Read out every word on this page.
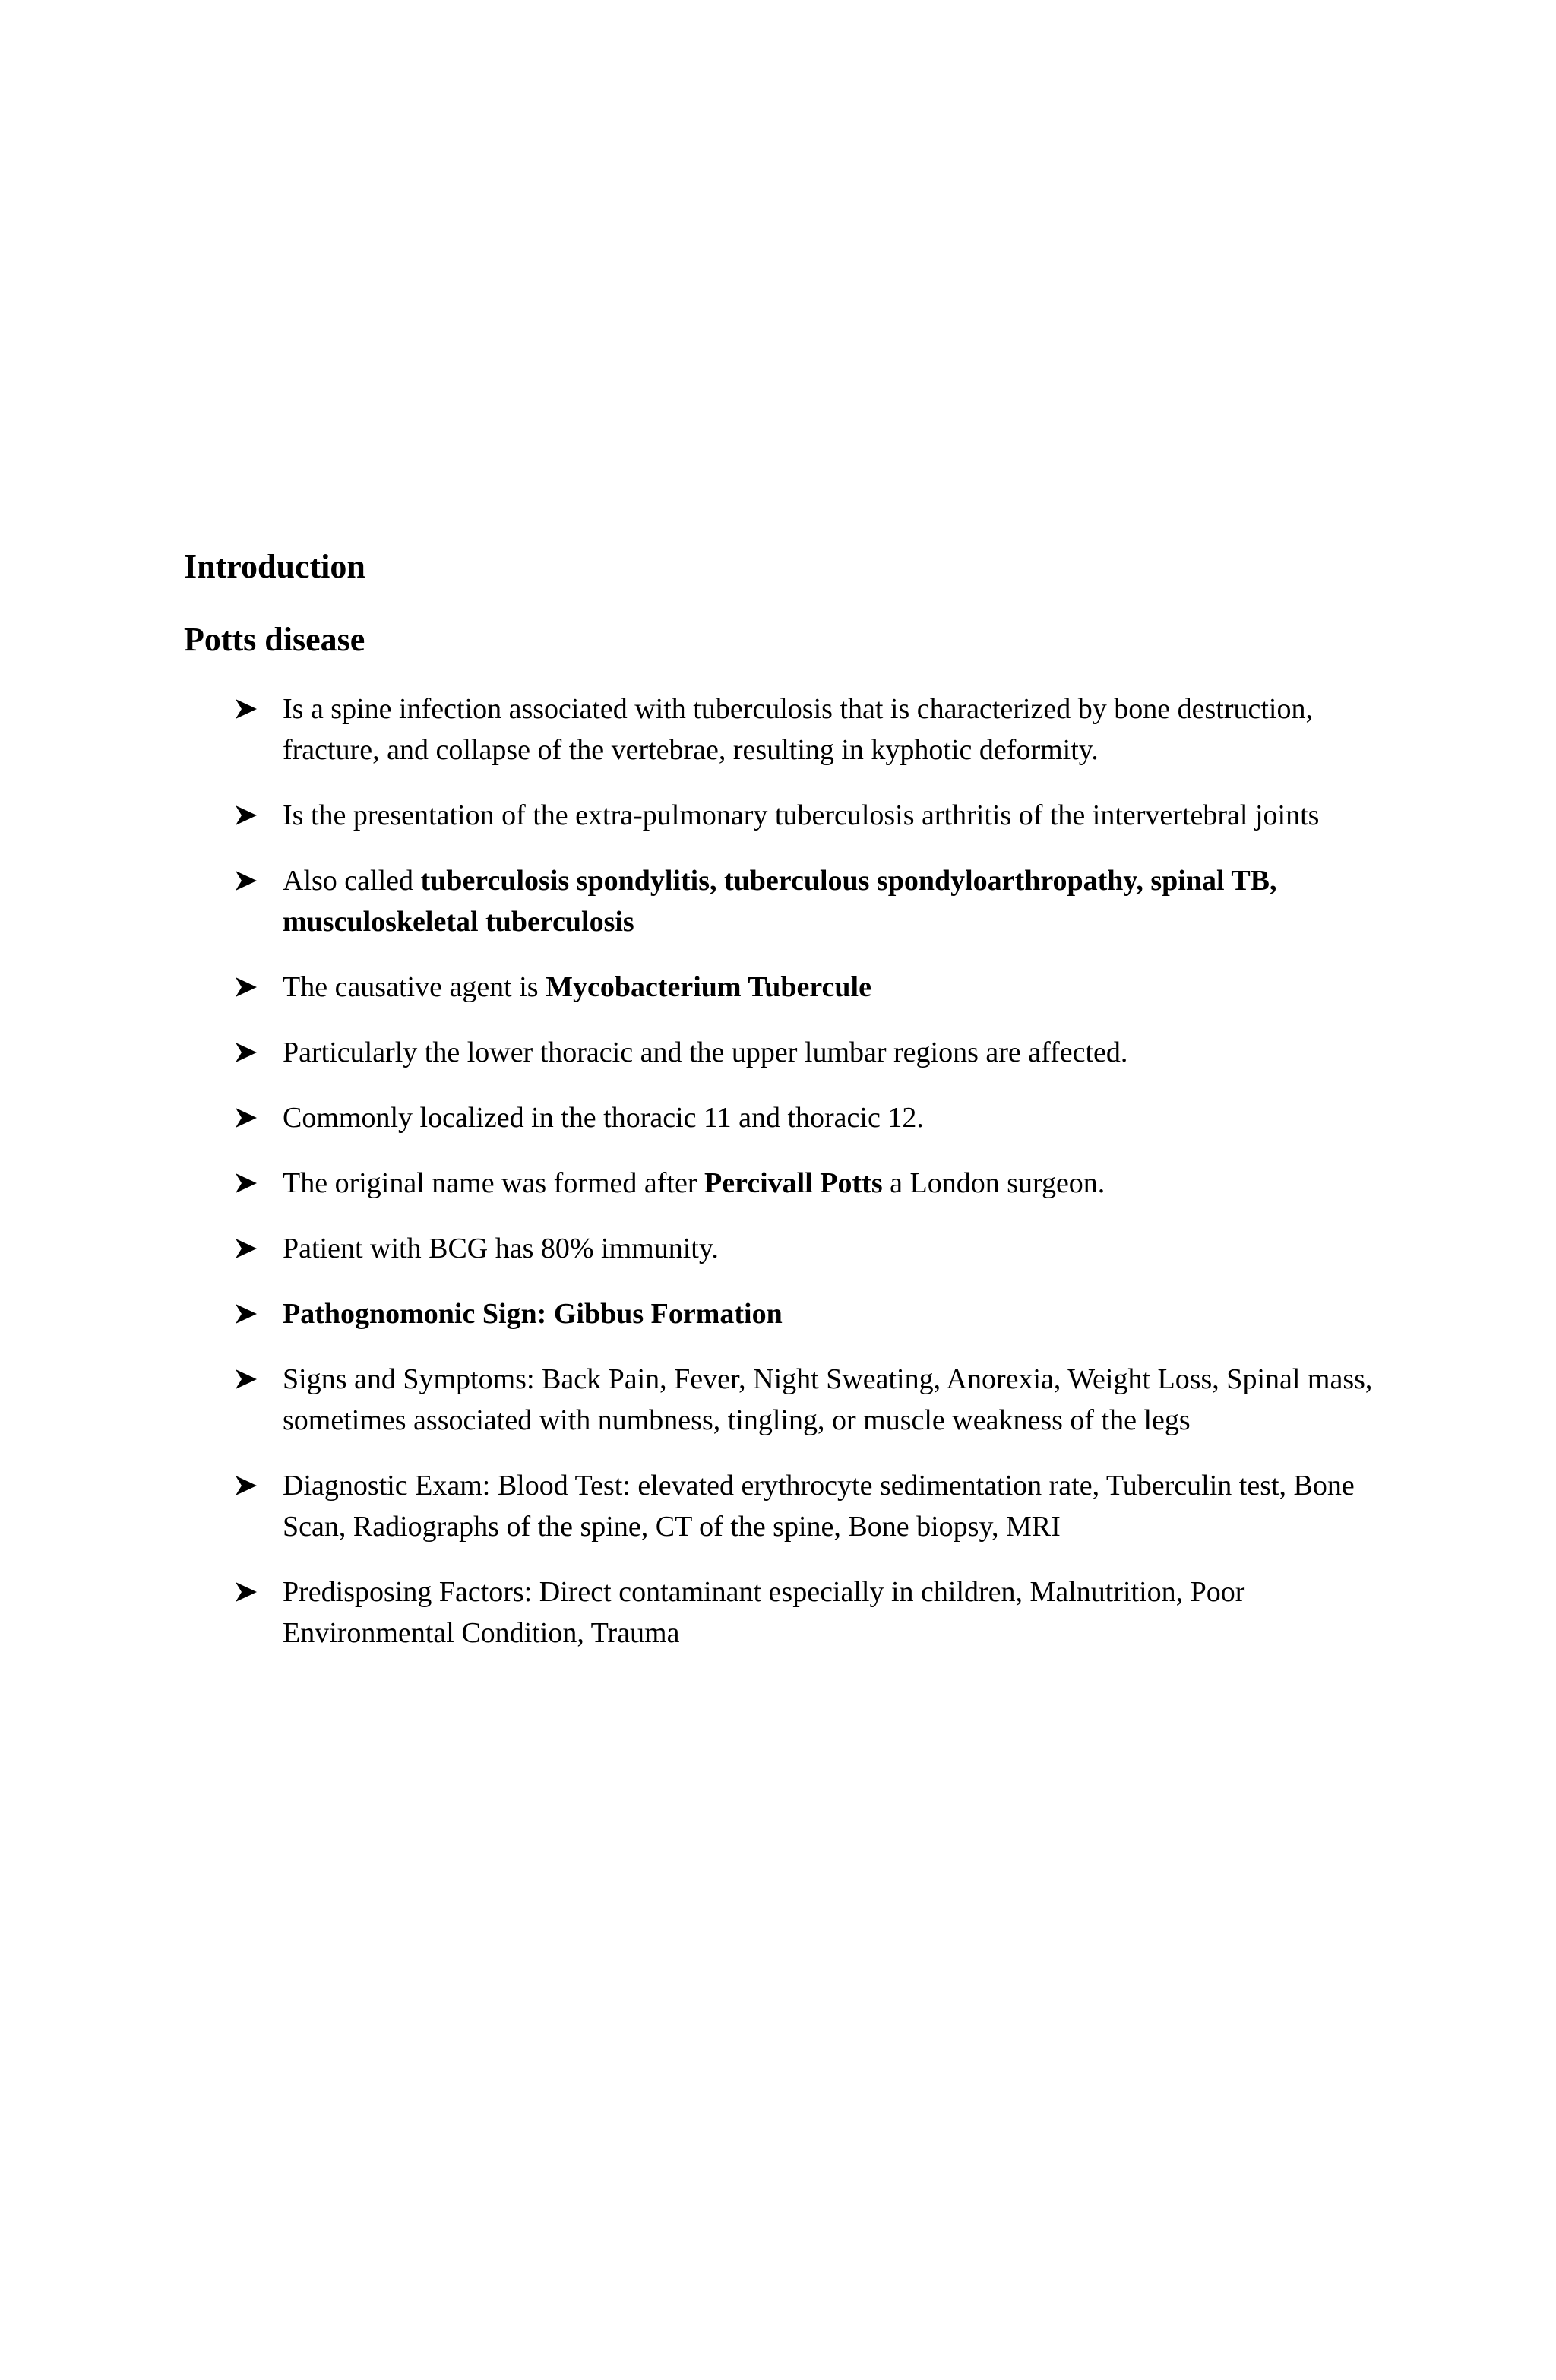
Introduction
Potts disease
Is a spine infection associated with tuberculosis that is characterized by bone destruction, fracture, and collapse of the vertebrae, resulting in kyphotic deformity.
Is the presentation of the extra-pulmonary tuberculosis arthritis of the intervertebral joints
Also called tuberculosis spondylitis, tuberculous spondyloarthropathy, spinal TB, musculoskeletal tuberculosis
The causative agent is Mycobacterium Tubercule
Particularly the lower thoracic and the upper lumbar regions are affected.
Commonly localized in the thoracic 11 and thoracic 12.
The original name was formed after Percivall Potts a London surgeon.
Patient with BCG has 80% immunity.
Pathognomonic Sign: Gibbus Formation
Signs and Symptoms: Back Pain, Fever, Night Sweating, Anorexia, Weight Loss, Spinal mass, sometimes associated with numbness, tingling, or muscle weakness of the legs
Diagnostic Exam: Blood Test: elevated erythrocyte sedimentation rate, Tuberculin test, Bone Scan, Radiographs of the spine, CT of the spine, Bone biopsy, MRI
Predisposing Factors: Direct contaminant especially in children, Malnutrition, Poor Environmental Condition, Trauma
